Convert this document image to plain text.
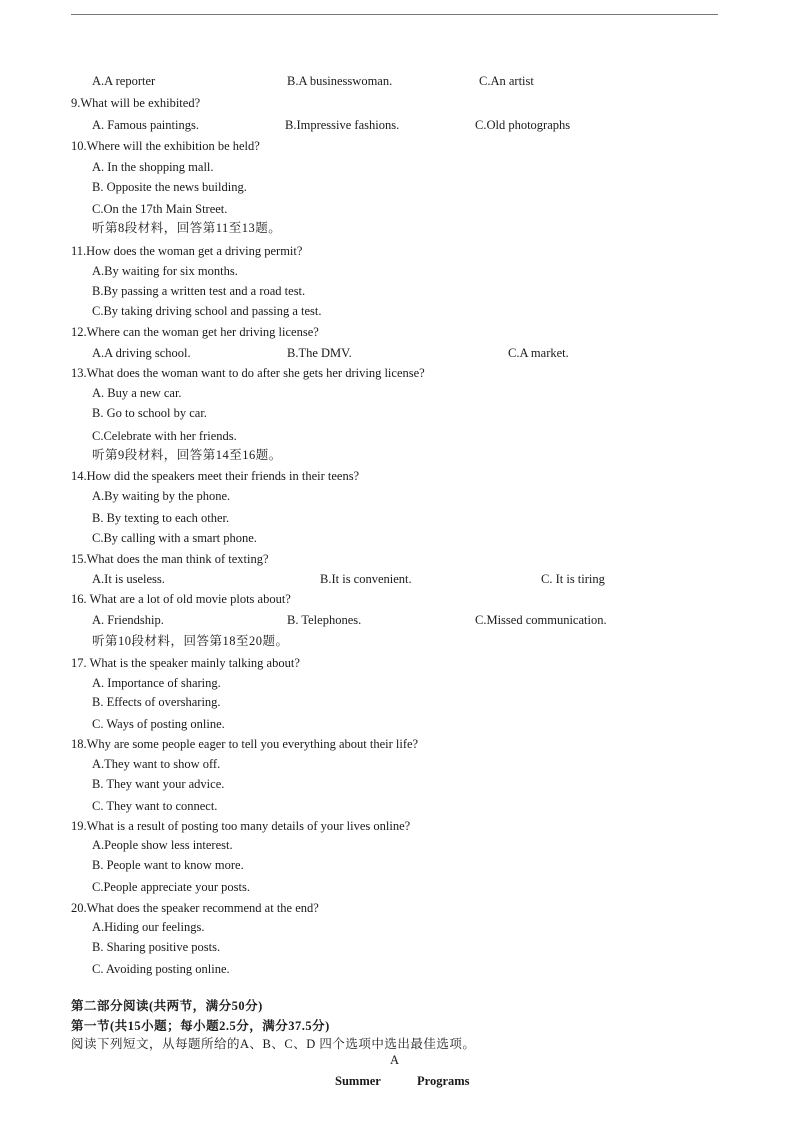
A.A reporter	B.A businesswoman.	C.An artist
9.What will be exhibited?
A. Famous paintings.	B.Impressive fashions.	C.Old photographs
10.Where will the exhibition be held?
A. In the shopping mall.
B. Opposite the news building.
C.On the 17th Main Street.
听第8段材料，回答第11至13题。
11.How does the woman get a driving permit?
A.By waiting for six months.
B.By passing a written test and a road test.
C.By taking driving school and passing a test.
12.Where can the woman get her driving license?
A.A driving school.	B.The DMV.	C.A market.
13.What does the woman want to do after she gets her driving license?
A. Buy a new car.
B. Go to school by car.
C.Celebrate with her friends.
听第9段材料，回答第14至16题。
14.How did the speakers meet their friends in their teens?
A.By waiting by the phone.
B. By texting to each other.
C.By calling with a smart phone.
15.What does the man think of texting?
A.It is useless.	B.It is convenient.	C. It is tiring
16. What are a lot of old movie plots about?
A. Friendship.	B. Telephones.	C.Missed communication.
听第10段材料，回答第18至20题。
17. What is the speaker mainly talking about?
A. Importance of sharing.
B. Effects of oversharing.
C. Ways of posting online.
18.Why are some people eager to tell you everything about their life?
A.They want to show off.
B. They want your advice.
C. They want to connect.
19.What is a result of posting too many details of your lives online?
A.People show less interest.
B. People want to know more.
C.People appreciate your posts.
20.What does the speaker recommend at the end?
A.Hiding our feelings.
B. Sharing positive posts.
C. Avoiding posting online.
第二部分阅读(共两节，满分50分)
第一节(共15小题；每小题2.5分，满分37.5分)
阅读下列短文，从每题所给的A、B、C、D 四个选项中选出最佳选项。
A
Summer	Programs
